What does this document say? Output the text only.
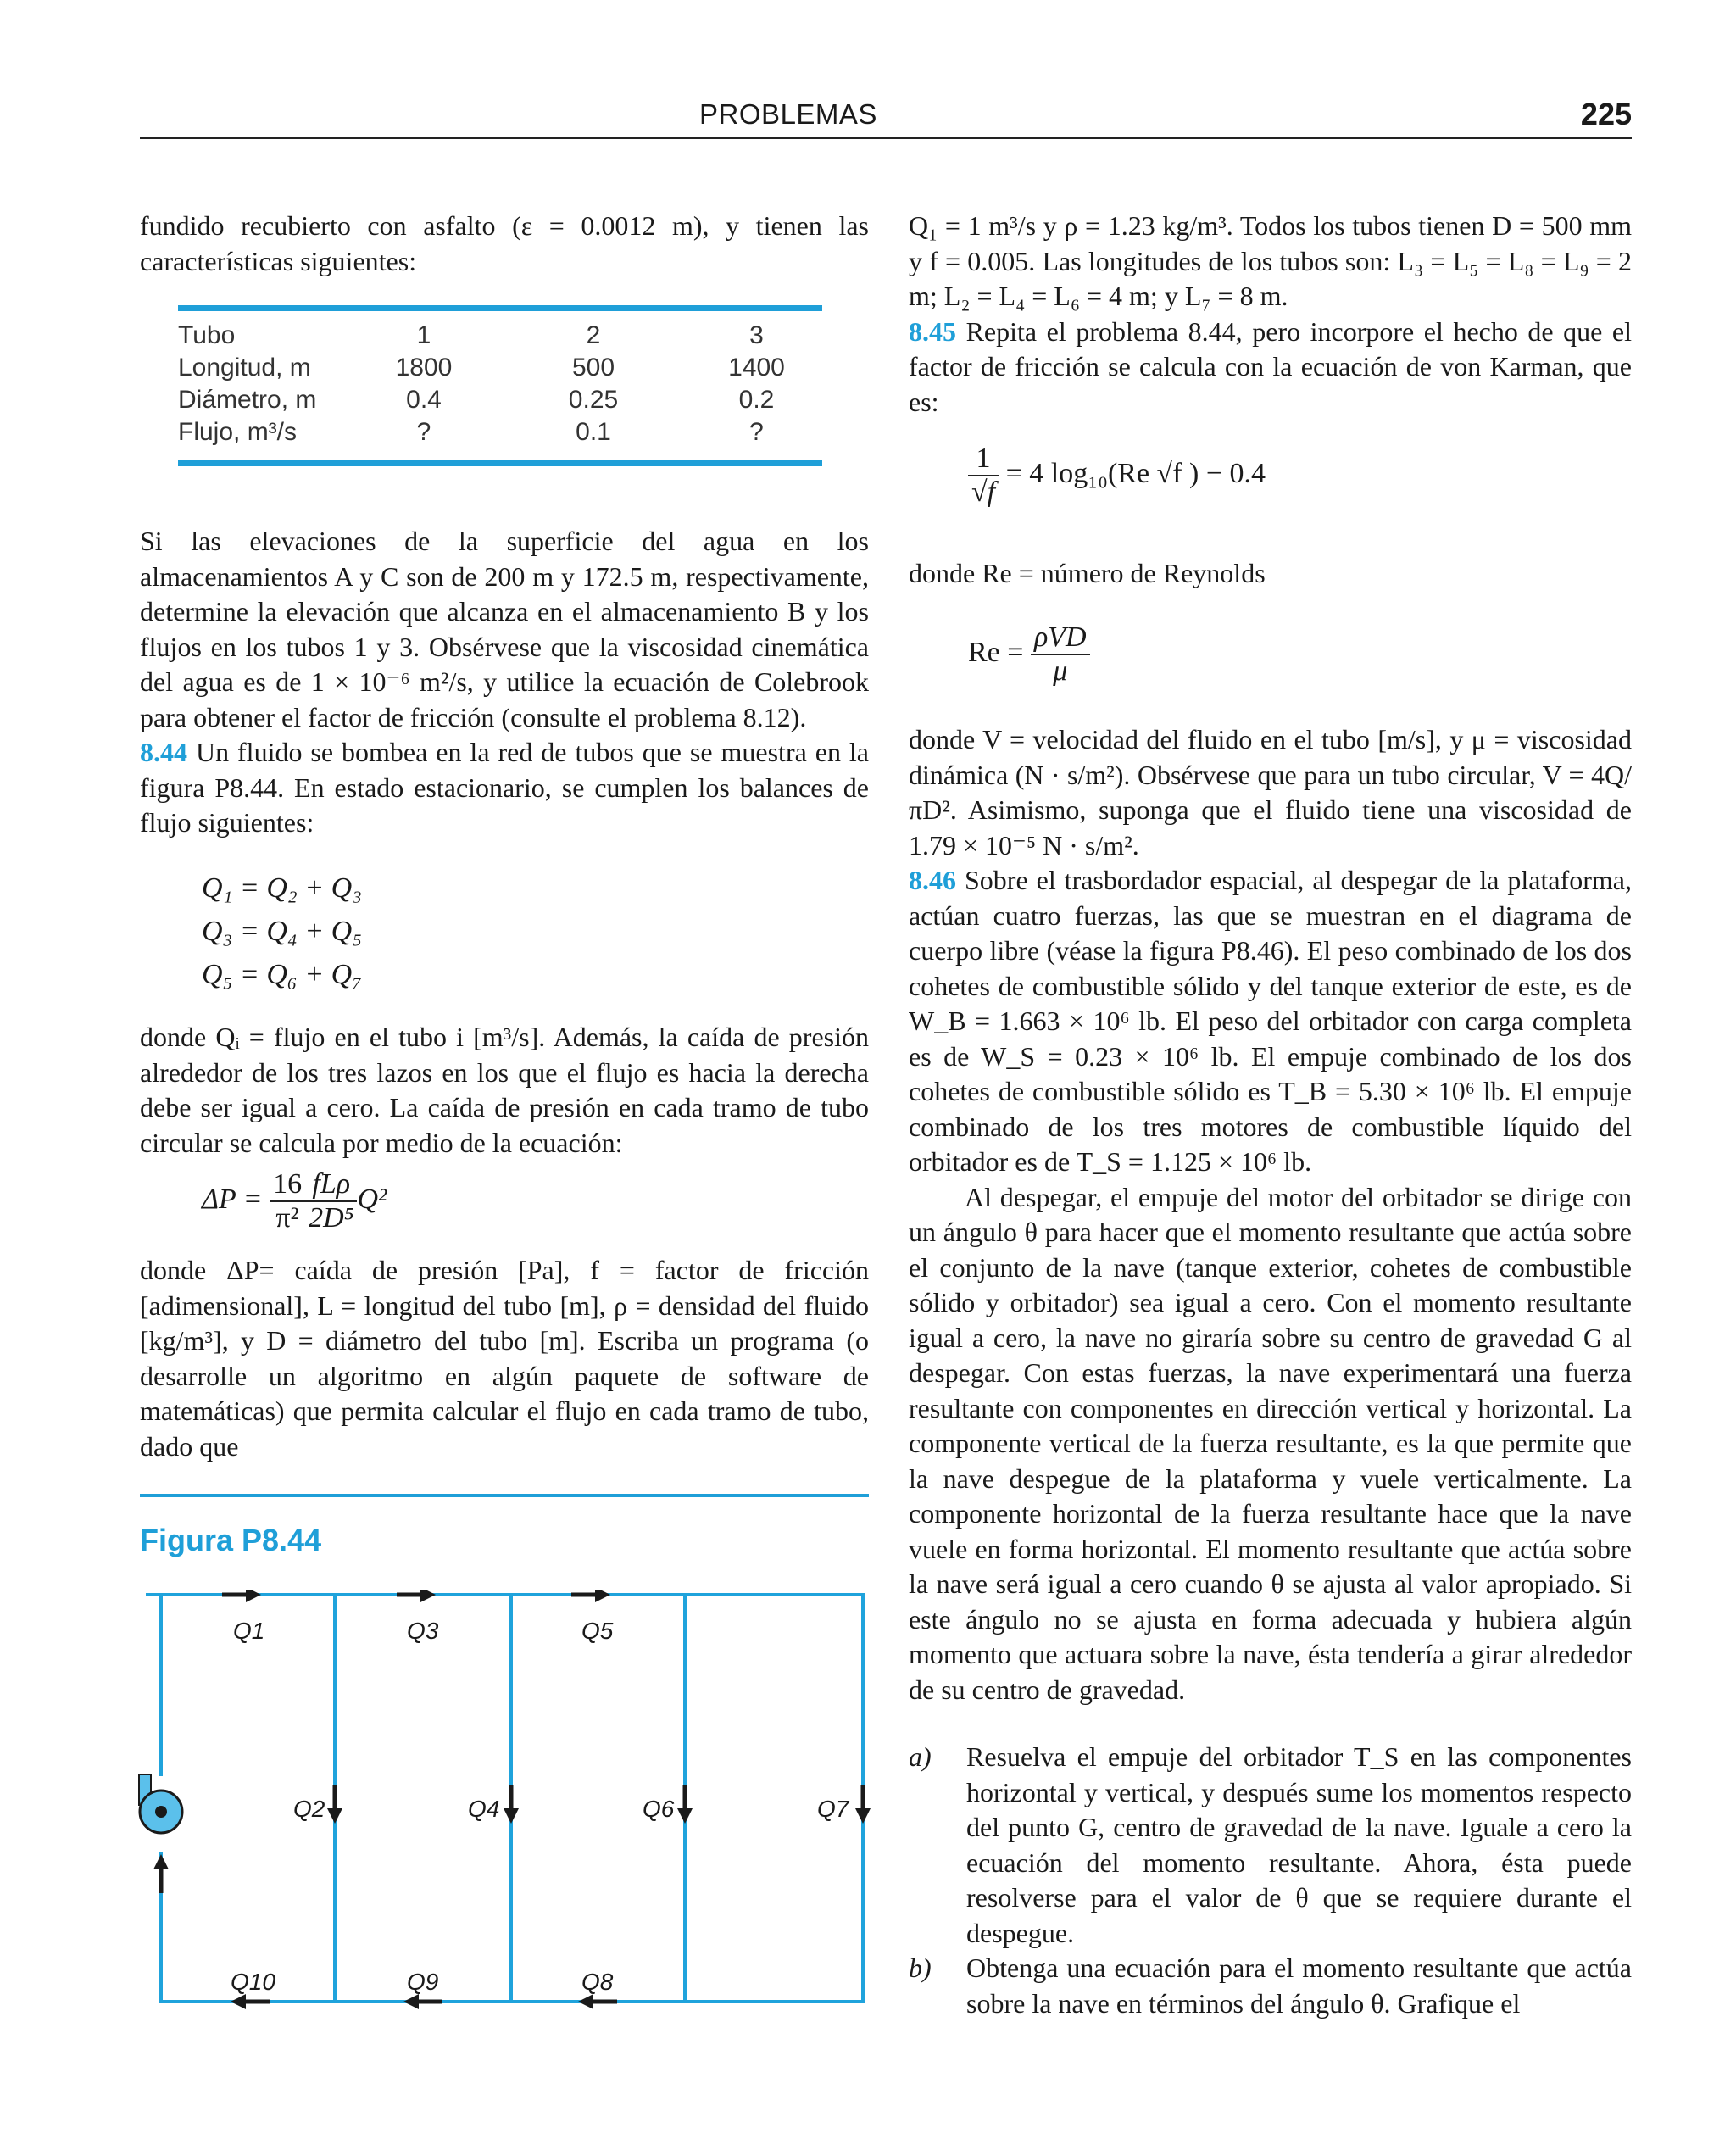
PROBLEMAS	225

fundido recubierto con asfalto (ε = 0.0012 m), y tienen las características siguientes:

Tubo	1	2	3
Longitud, m	1800	500	1400
Diámetro, m	0.4	0.25	0.2
Flujo, m³/s	?	0.1	?

Si las elevaciones de la superficie del agua en los almacenamientos A y C son de 200 m y 172.5 m, respectivamente, determine la elevación que alcanza en el almacenamiento B y los flujos en los tubos 1 y 3. Obsérvese que la viscosidad cinemática del agua es de 1 × 10⁻⁶ m²/s, y utilice la ecuación de Colebrook para obtener el factor de fricción (consulte el problema 8.12).

8.44 Un fluido se bombea en la red de tubos que se muestra en la figura P8.44. En estado estacionario, se cumplen los balances de flujo siguientes:

Q₁ = Q₂ + Q₃
Q₃ = Q₄ + Q₅
Q₅ = Q₆ + Q₇

donde Qᵢ = flujo en el tubo i [m³/s]. Además, la caída de presión alrededor de los tres lazos en los que el flujo es hacia la derecha debe ser igual a cero. La caída de presión en cada tramo de tubo circular se calcula por medio de la ecuación:

$\Delta P = \frac{16}{\text{π²}} \frac{\text{fLρ}}{\text{2D⁵}} Q^2$

donde ΔP= caída de presión [Pa], f = factor de fricción [adimensional], L = longitud del tubo [m], ρ = densidad del fluido [kg/m³], y D = diámetro del tubo [m]. Escriba un programa (o desarrolle un algoritmo en algún paquete de software de matemáticas) que permita calcular el flujo en cada tramo de tubo, dado que

Figura P8.44
Q1	Q3	Q5
Q2	Q4	Q6	Q7
Q10	Q9	Q8

Q₁ = 1 m³/s y ρ = 1.23 kg/m³. Todos los tubos tienen D = 500 mm y f = 0.005. Las longitudes de los tubos son: L₃ = L₅ = L₈ = L₉ = 2 m; L₂ = L₄ = L₆ = 4 m; y L₇ = 8 m.

8.45 Repita el problema 8.44, pero incorpore el hecho de que el factor de fricción se calcula con la ecuación de von Karman, que es:

$\frac{1}{√f} = 4$ log₁₀(Re √f ) − 0.4

donde Re = número de Reynolds

$Re = \frac{\text{ρVD}}{\mu}$

donde V = velocidad del fluido en el tubo [m/s], y μ = viscosidad dinámica (N · s/m²). Obsérvese que para un tubo circular, V = 4Q/πD². Asimismo, suponga que el fluido tiene una viscosidad de 1.79 × 10⁻⁵ N · s/m².

8.46 Sobre el trasbordador espacial, al despegar de la plataforma, actúan cuatro fuerzas, las que se muestran en el diagrama de cuerpo libre (véase la figura P8.46). El peso combinado de los dos cohetes de combustible sólido y del tanque exterior de este, es de W_B = 1.663 × 10⁶ lb. El peso del orbitador con carga completa es de W_S = 0.23 × 10⁶ lb. El empuje combinado de los dos cohetes de combustible sólido es T_B = 5.30 × 10⁶ lb. El empuje combinado de los tres motores de combustible líquido del orbitador es de T_S = 1.125 × 10⁶ lb.

Al despegar, el empuje del motor del orbitador se dirige con un ángulo θ para hacer que el momento resultante que actúa sobre el conjunto de la nave (tanque exterior, cohetes de combustible sólido y orbitador) sea igual a cero. Con el momento resultante igual a cero, la nave no giraría sobre su centro de gravedad G al despegar. Con estas fuerzas, la nave experimentará una fuerza resultante con componentes en dirección vertical y horizontal. La componente vertical de la fuerza resultante, es la que permite que la nave despegue de la plataforma y vuele verticalmente. La componente horizontal de la fuerza resultante hace que la nave vuele en forma horizontal. El momento resultante que actúa sobre la nave será igual a cero cuando θ se ajusta al valor apropiado. Si este ángulo no se ajusta en forma adecuada y hubiera algún momento que actuara sobre la nave, ésta tendería a girar alrededor de su centro de gravedad.

a) Resuelva el empuje del orbitador T_S en las componentes horizontal y vertical, y después sume los momentos respecto del punto G, centro de gravedad de la nave. Iguale a cero la ecuación del momento resultante. Ahora, ésta puede resolverse para el valor de θ que se requiere durante el despegue.
b) Obtenga una ecuación para el momento resultante que actúa sobre la nave en términos del ángulo θ. Grafique el
